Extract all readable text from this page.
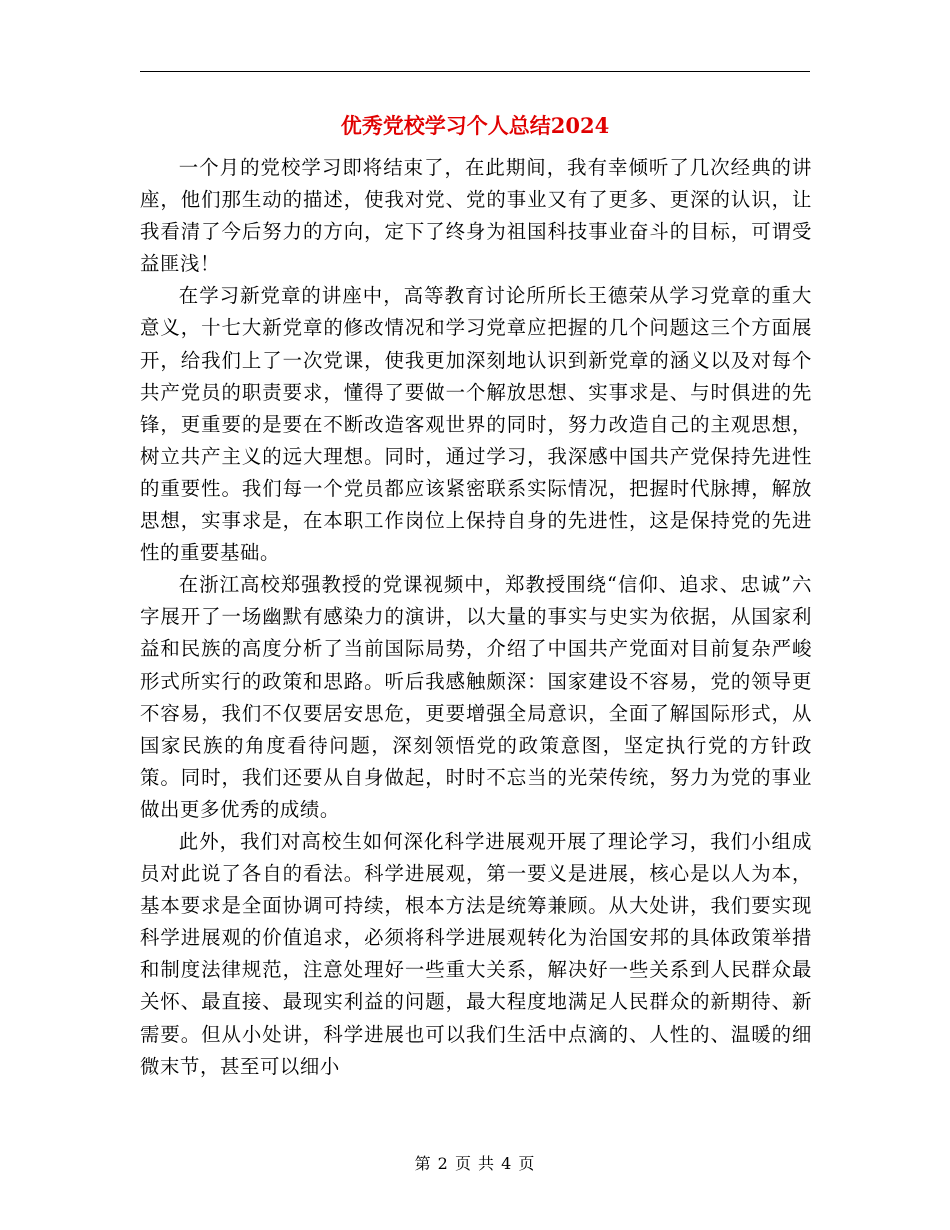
优秀党校学习个人总结2024

一个月的党校学习即将结束了，在此期间，我有幸倾听了几次经典的讲座，他们那生动的描述，使我对党、党的事业又有了更多、更深的认识，让我看清了今后努力的方向，定下了终身为祖国科技事业奋斗的目标，可谓受益匪浅！

在学习新党章的讲座中，高等教育讨论所所长王德荣从学习党章的重大意义，十七大新党章的修改情况和学习党章应把握的几个问题这三个方面展开，给我们上了一次党课，使我更加深刻地认识到新党章的涵义以及对每个共产党员的职责要求，懂得了要做一个解放思想、实事求是、与时俱进的先锋，更重要的是要在不断改造客观世界的同时，努力改造自己的主观思想，树立共产主义的远大理想。同时，通过学习，我深感中国共产党保持先进性的重要性。我们每一个党员都应该紧密联系实际情况，把握时代脉搏，解放思想，实事求是，在本职工作岗位上保持自身的先进性，这是保持党的先进性的重要基础。

在浙江高校郑强教授的党课视频中，郑教授围绕“信仰、追求、忠诚”六字展开了一场幽默有感染力的演讲，以大量的事实与史实为依据，从国家利益和民族的高度分析了当前国际局势，介绍了中国共产党面对目前复杂严峻形式所实行的政策和思路。听后我感触颇深：国家建设不容易，党的领导更不容易，我们不仅要居安思危，更要增强全局意识，全面了解国际形式，从国家民族的角度看待问题，深刻领悟党的政策意图，坚定执行党的方针政策。同时，我们还要从自身做起，时时不忘当的光荣传统，努力为党的事业做出更多优秀的成绩。

此外，我们对高校生如何深化科学进展观开展了理论学习，我们小组成员对此说了各自的看法。科学进展观，第一要义是进展，核心是以人为本，基本要求是全面协调可持续，根本方法是统筹兼顾。从大处讲，我们要实现科学进展观的价值追求，必须将科学进展观转化为治国安邦的具体政策举措和制度法律规范，注意处理好一些重大关系，解决好一些关系到人民群众最关怀、最直接、最现实利益的问题，最大程度地满足人民群众的新期待、新需要。但从小处讲，科学进展也可以我们生活中点滴的、人性的、温暖的细微末节，甚至可以细小

第 2 页 共 4 页
